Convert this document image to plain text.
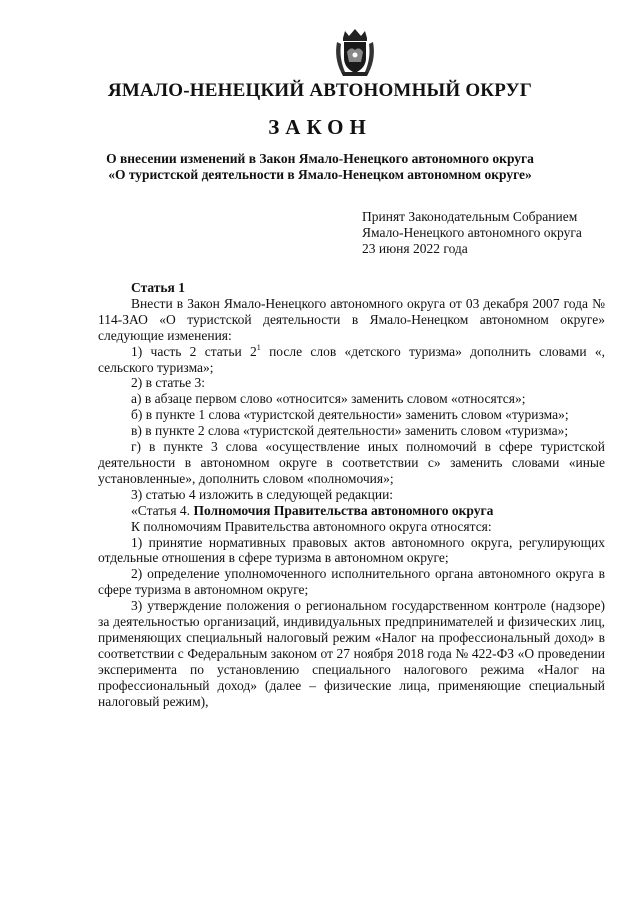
ЯМАЛО-НЕНЕЦКИЙ АВТОНОМНЫЙ ОКРУГ
ЗАКОН
О внесении изменений в Закон Ямало-Ненецкого автономного округа
«О туристской деятельности в Ямало-Ненецком автономном округе»
Принят Законодательным Собранием
Ямало-Ненецкого автономного округа
23 июня 2022 года

Статья 1

Внести в Закон Ямало-Ненецкого автономного округа от 03 декабря 2007 года № 114-ЗАО «О туристской деятельности в Ямало-Ненецком автономном округе» следующие изменения:

1) часть 2 статьи $2^1$ после слов «детского туризма» дополнить словами «, сельского туризма»;

2) в статье 3:

а) в абзаце первом слово «относится» заменить словом «относятся»;

б) в пункте 1 слова «туристской деятельности» заменить словом «туризма»;

в) в пункте 2 слова «туристской деятельности» заменить словом «туризма»;

г) в пункте 3 слова «осуществление иных полномочий в сфере туристской деятельности в автономном округе в соответствии с» заменить словами «иные установленные», дополнить словом «полномочия»;

3) статью 4 изложить в следующей редакции:

«Статья 4. Полномочия Правительства автономного округа

К полномочиям Правительства автономного округа относятся:

1) принятие нормативных правовых актов автономного округа, регулирующих отдельные отношения в сфере туризма в автономном округе;

2) определение уполномоченного исполнительного органа автономного округа в сфере туризма в автономном округе;

3) утверждение положения о региональном государственном контроле (надзоре) за деятельностью организаций, индивидуальных предпринимателей и физических лиц, применяющих специальный налоговый режим «Налог на профессиональный доход» в соответствии с Федеральным законом от 27 ноября 2018 года № 422-ФЗ «О проведении эксперимента по установлению специального налогового режима «Налог на профессиональный доход» (далее – физические лица, применяющие специальный налоговый режим),
